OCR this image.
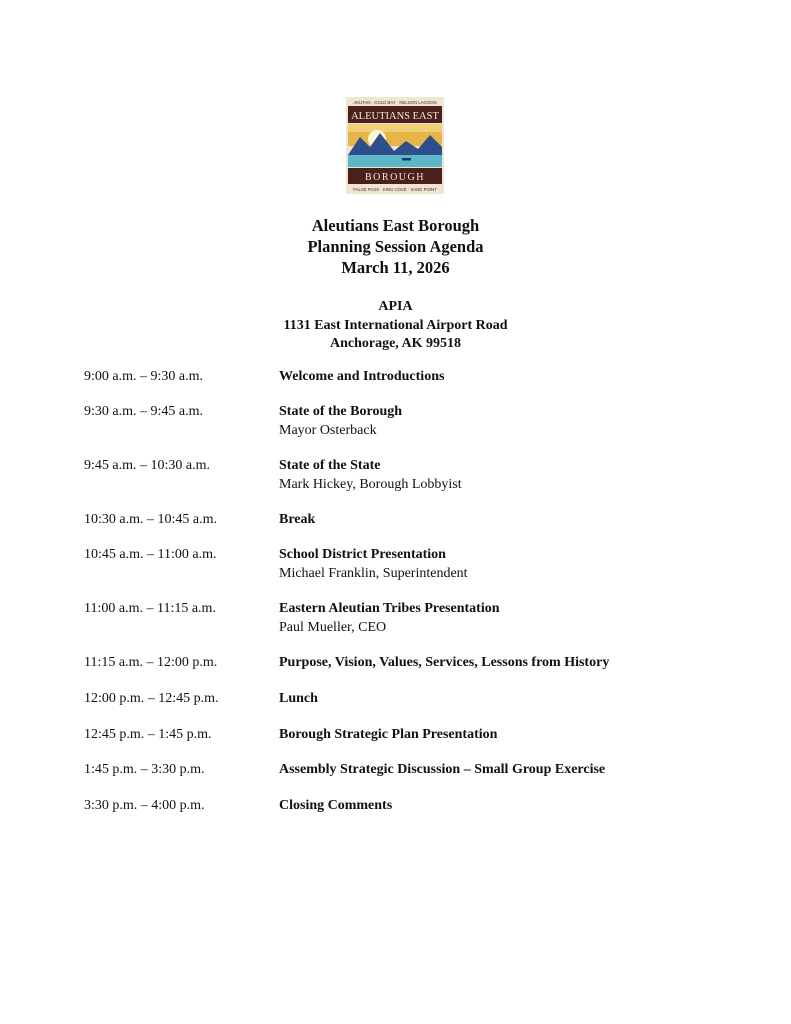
AKUTAN · COLD BAY · NELSON LAGOON
ALEUTIANS EAST
BOROUGH
FALSE PASS · KING COVE · SAND POINT
Aleutians East Borough
Planning Session Agenda
March 11, 2026
APIA
1131 East International Airport Road
Anchorage, AK 99518
9:00 a.m. – 9:30 a.m.	Welcome and Introductions
9:30 a.m. – 9:45 a.m.	State of the Borough
Mayor Osterback
9:45 a.m. – 10:30 a.m.	State of the State
Mark Hickey, Borough Lobbyist
10:30 a.m. – 10:45 a.m.	Break
10:45 a.m. – 11:00 a.m.	School District Presentation
Michael Franklin, Superintendent
11:00 a.m. – 11:15 a.m.	Eastern Aleutian Tribes Presentation
Paul Mueller, CEO
11:15 a.m. – 12:00 p.m.	Purpose, Vision, Values, Services, Lessons from History
12:00 p.m. – 12:45 p.m.	Lunch
12:45 p.m. – 1:45 p.m.	Borough Strategic Plan Presentation
1:45 p.m. – 3:30 p.m.	Assembly Strategic Discussion – Small Group Exercise
3:30 p.m. – 4:00 p.m.	Closing Comments
